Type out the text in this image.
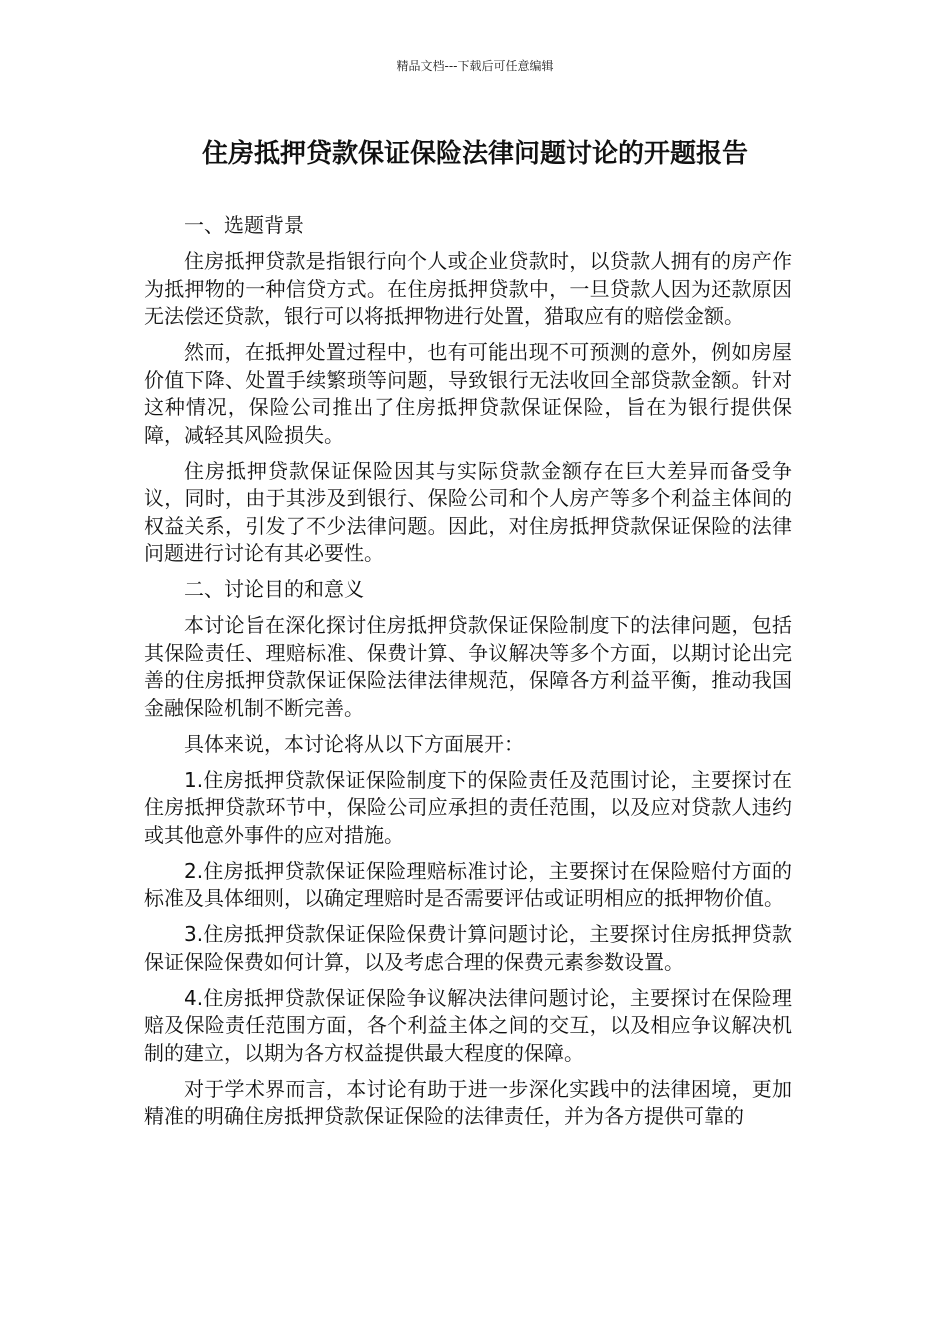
精品文档---下载后可任意编辑
住房抵押贷款保证保险法律问题讨论的开题报告

一、选题背景

住房抵押贷款是指银行向个人或企业贷款时，以贷款人拥有的房产作为抵押物的一种信贷方式。在住房抵押贷款中，一旦贷款人因为还款原因无法偿还贷款，银行可以将抵押物进行处置，猎取应有的赔偿金额。

然而，在抵押处置过程中，也有可能出现不可预测的意外，例如房屋价值下降、处置手续繁琐等问题，导致银行无法收回全部贷款金额。针对这种情况，保险公司推出了住房抵押贷款保证保险，旨在为银行提供保障，减轻其风险损失。

住房抵押贷款保证保险因其与实际贷款金额存在巨大差异而备受争议，同时，由于其涉及到银行、保险公司和个人房产等多个利益主体间的权益关系，引发了不少法律问题。因此，对住房抵押贷款保证保险的法律问题进行讨论有其必要性。

二、讨论目的和意义

本讨论旨在深化探讨住房抵押贷款保证保险制度下的法律问题，包括其保险责任、理赔标准、保费计算、争议解决等多个方面，以期讨论出完善的住房抵押贷款保证保险法律法律规范，保障各方利益平衡，推动我国金融保险机制不断完善。

具体来说，本讨论将从以下方面展开：

1.住房抵押贷款保证保险制度下的保险责任及范围讨论，主要探讨在住房抵押贷款环节中，保险公司应承担的责任范围，以及应对贷款人违约或其他意外事件的应对措施。

2.住房抵押贷款保证保险理赔标准讨论，主要探讨在保险赔付方面的标准及具体细则，以确定理赔时是否需要评估或证明相应的抵押物价值。

3.住房抵押贷款保证保险保费计算问题讨论，主要探讨住房抵押贷款保证保险保费如何计算，以及考虑合理的保费元素参数设置。

4.住房抵押贷款保证保险争议解决法律问题讨论，主要探讨在保险理赔及保险责任范围方面，各个利益主体之间的交互，以及相应争议解决机制的建立，以期为各方权益提供最大程度的保障。

对于学术界而言，本讨论有助于进一步深化实践中的法律困境，更加精准的明确住房抵押贷款保证保险的法律责任，并为各方提供可靠的
